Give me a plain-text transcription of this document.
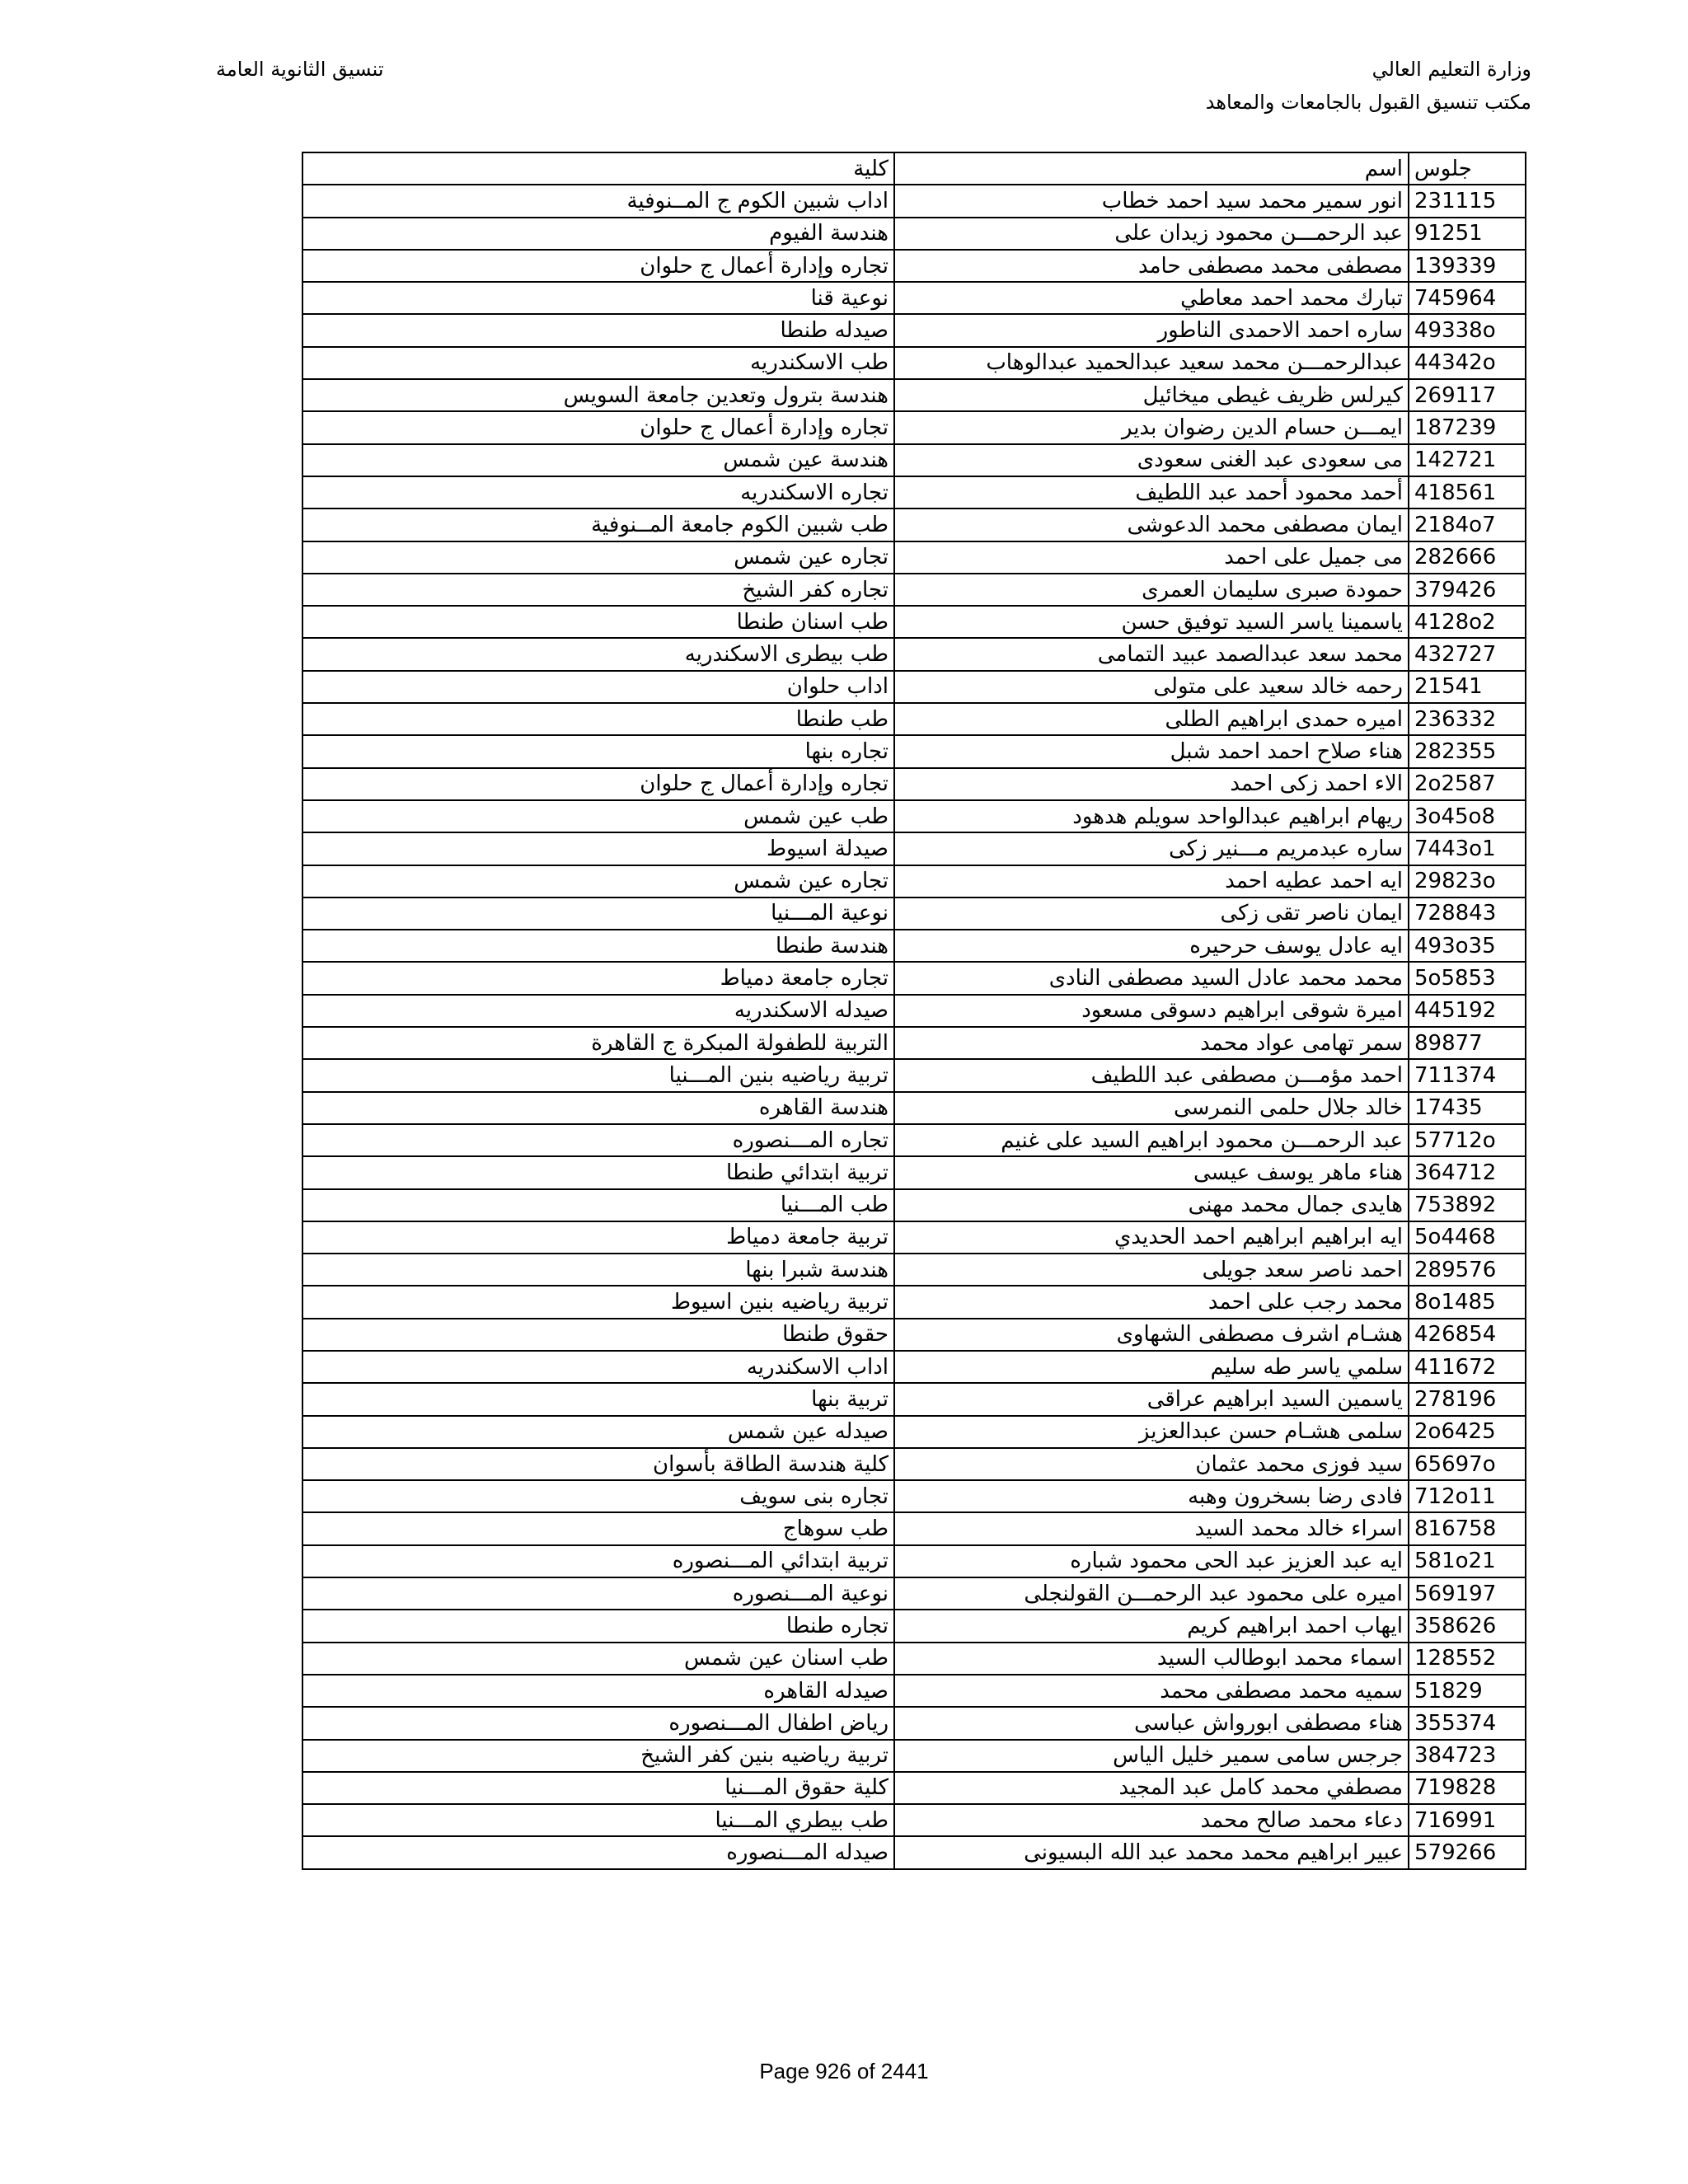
وزارة التعليم العالي
مكتب تنسيق القبول بالجامعات والمعاهد
تنسيق الثانوية العامة
جلوس	اسم	كلية
231115	انور سمير محمد سيد احمد خطاب	اداب شبين الكوم ج المــنوفية
91251	عبد الرحمـــن محمود زيدان على	هندسة الفيوم
139339	مصطفى محمد مصطفى حامد	تجاره وإدارة أعمال ج حلوان
745964	تبارك محمد احمد معاطي	نوعية قنا
49338o	ساره احمد الاحمدى الناطور	صيدله طنطا
44342o	عبدالرحمـــن محمد سعيد عبدالحميد عبدالوهاب	طب الاسكندريه
269117	كيرلس ظريف غيطى ميخائيل	هندسة بترول وتعدين جامعة السويس
187239	ايمـــن حسام الدين رضوان بدير	تجاره وإدارة أعمال ج حلوان
142721	مى سعودى عبد الغنى سعودى	هندسة عين شمس
418561	أحمد محمود أحمد عبد اللطيف	تجاره الاسكندريه
2184o7	ايمان مصطفى محمد الدعوشى	طب شبين الكوم جامعة المــنوفية
282666	مى جميل على احمد	تجاره عين شمس
379426	حمودة صبرى سليمان العمرى	تجاره كفر الشيخ
4128o2	ياسمينا ياسر السيد توفيق حسن	طب اسنان طنطا
432727	محمد سعد عبدالصمد عبيد التمامى	طب بيطرى الاسكندريه
21541	رحمه خالد سعيد على متولى	اداب حلوان
236332	اميره حمدى ابراهيم الطلى	طب طنطا
282355	هناء صلاح احمد احمد شبل	تجاره بنها
2o2587	الاء احمد زكى احمد	تجاره وإدارة أعمال ج حلوان
3o45o8	ريهام ابراهيم عبدالواحد سويلم هدهود	طب عين شمس
7443o1	ساره عبدمريم مـــنير زكى	صيدلة اسيوط
29823o	ايه احمد عطيه احمد	تجاره عين شمس
728843	ايمان ناصر تقى زكى	نوعية المـــنيا
493o35	ايه عادل يوسف حرحيره	هندسة طنطا
5o5853	محمد محمد عادل السيد مصطفى النادى	تجاره جامعة دمياط
445192	اميرة شوقى ابراهيم دسوقى مسعود	صيدله الاسكندريه
89877	سمر تهامى عواد محمد	التربية للطفولة المبكرة ج القاهرة
711374	احمد مؤمـــن مصطفى عبد اللطيف	تربية رياضيه بنين المـــنيا
17435	خالد جلال حلمى النمرسى	هندسة القاهره
57712o	عبد الرحمـــن محمود ابراهيم السيد على غنيم	تجاره المـــنصوره
364712	هناء ماهر يوسف عيسى	تربية ابتدائي طنطا
753892	هايدى جمال محمد مهنى	طب المـــنيا
5o4468	ايه ابراهيم ابراهيم احمد الحديدي	تربية جامعة دمياط
289576	احمد ناصر سعد جويلى	هندسة شبرا بنها
8o1485	محمد رجب على احمد	تربية رياضيه بنين اسيوط
426854	هشـام اشرف مصطفى الشهاوى	حقوق طنطا
411672	سلمي ياسر طه سليم	اداب الاسكندريه
278196	ياسمين السيد ابراهيم عراقى	تربية بنها
2o6425	سلمى هشـام حسن عبدالعزيز	صيدله عين شمس
65697o	سيد فوزى محمد عثمان	كلية هندسة الطاقة بأسوان
712o11	فادى رضا بسخرون وهبه	تجاره بنى سويف
816758	اسراء خالد محمد السيد	طب سوهاج
581o21	ايه عبد العزيز عبد الحى محمود شباره	تربية ابتدائي المـــنصوره
569197	اميره على محمود عبد الرحمـــن القولنجلى	نوعية المـــنصوره
358626	ايهاب احمد ابراهيم كريم	تجاره طنطا
128552	اسماء محمد ابوطالب السيد	طب اسنان عين شمس
51829	سميه محمد مصطفى محمد	صيدله القاهره
355374	هناء مصطفى ابورواش عباسى	رياض اطفال المـــنصوره
384723	جرجس سامى سمير خليل الياس	تربية رياضيه بنين كفر الشيخ
719828	مصطفي محمد كامل عبد المجيد	كلية حقوق المـــنيا
716991	دعاء محمد صالح محمد	طب بيطري المـــنيا
579266	عبير ابراهيم محمد محمد عبد الله البسيونى	صيدله المـــنصوره
Page 926 of 2441
